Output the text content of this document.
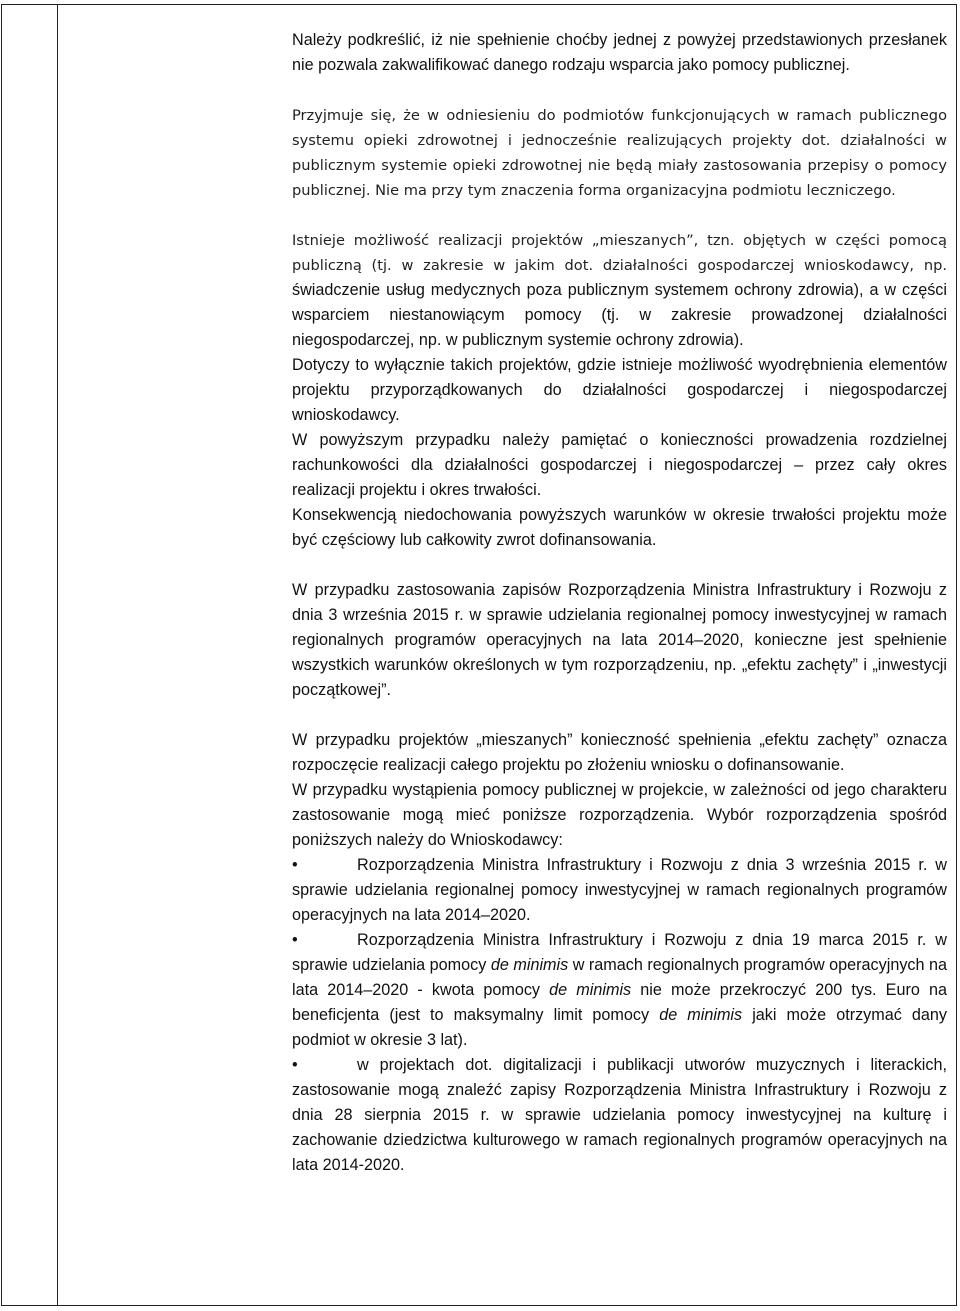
Należy podkreślić, iż nie spełnienie choćby jednej z powyżej przedstawionych przesłanek nie pozwala zakwalifikować danego rodzaju wsparcia jako pomocy publicznej.

Przyjmuje się, że w odniesieniu do podmiotów funkcjonujących w ramach publicznego systemu opieki zdrowotnej i jednocześnie realizujących projekty dot. działalności w publicznym systemie opieki zdrowotnej nie będą miały zastosowania przepisy o pomocy publicznej. Nie ma przy tym znaczenia forma organizacyjna podmiotu leczniczego.

Istnieje możliwość realizacji projektów „mieszanych”, tzn. objętych w części pomocą publiczną (tj. w zakresie w jakim dot. działalności gospodarczej wnioskodawcy, np. świadczenie usług medycznych poza publicznym systemem ochrony zdrowia), a w części wsparciem niestanowiącym pomocy (tj. w zakresie prowadzonej działalności niegospodarczej, np. w publicznym systemie ochrony zdrowia).

Dotyczy to wyłącznie takich projektów, gdzie istnieje możliwość wyodrębnienia elementów projektu przyporządkowanych do działalności gospodarczej i niegospodarczej wnioskodawcy.

W powyższym przypadku należy pamiętać o konieczności prowadzenia rozdzielnej rachunkowości dla działalności gospodarczej i niegospodarczej – przez cały okres realizacji projektu i okres trwałości.

Konsekwencją niedochowania powyższych warunków w okresie trwałości projektu może być częściowy lub całkowity zwrot dofinansowania.

W przypadku zastosowania zapisów Rozporządzenia Ministra Infrastruktury i Rozwoju z dnia 3 września 2015 r. w sprawie udzielania regionalnej pomocy inwestycyjnej w ramach regionalnych programów operacyjnych na lata 2014–2020, konieczne jest spełnienie wszystkich warunków określonych w tym rozporządzeniu, np. „efektu zachęty” i „inwestycji początkowej”.

W przypadku projektów „mieszanych” konieczność spełnienia „efektu zachęty” oznacza rozpoczęcie realizacji całego projektu po złożeniu wniosku o dofinansowanie.

W przypadku wystąpienia pomocy publicznej w projekcie, w zależności od jego charakteru zastosowanie mogą mieć poniższe rozporządzenia. Wybór rozporządzenia spośród poniższych należy do Wnioskodawcy:

•	Rozporządzenia Ministra Infrastruktury i Rozwoju z dnia 3 września 2015 r. w sprawie udzielania regionalnej pomocy inwestycyjnej w ramach regionalnych programów operacyjnych na lata 2014–2020.

•	Rozporządzenia Ministra Infrastruktury i Rozwoju z dnia 19 marca 2015 r. w sprawie udzielania pomocy de minimis w ramach regionalnych programów operacyjnych na lata 2014–2020 - kwota pomocy de minimis nie może przekroczyć 200 tys. Euro na beneficjenta (jest to maksymalny limit pomocy de minimis jaki może otrzymać dany podmiot w okresie 3 lat).

•	w projektach dot. digitalizacji i publikacji utworów muzycznych i literackich, zastosowanie mogą znaleźć zapisy Rozporządzenia Ministra Infrastruktury i Rozwoju z dnia 28 sierpnia 2015 r. w sprawie udzielania pomocy inwestycyjnej na kulturę i zachowanie dziedzictwa kulturowego w ramach regionalnych programów operacyjnych na lata 2014-2020.
